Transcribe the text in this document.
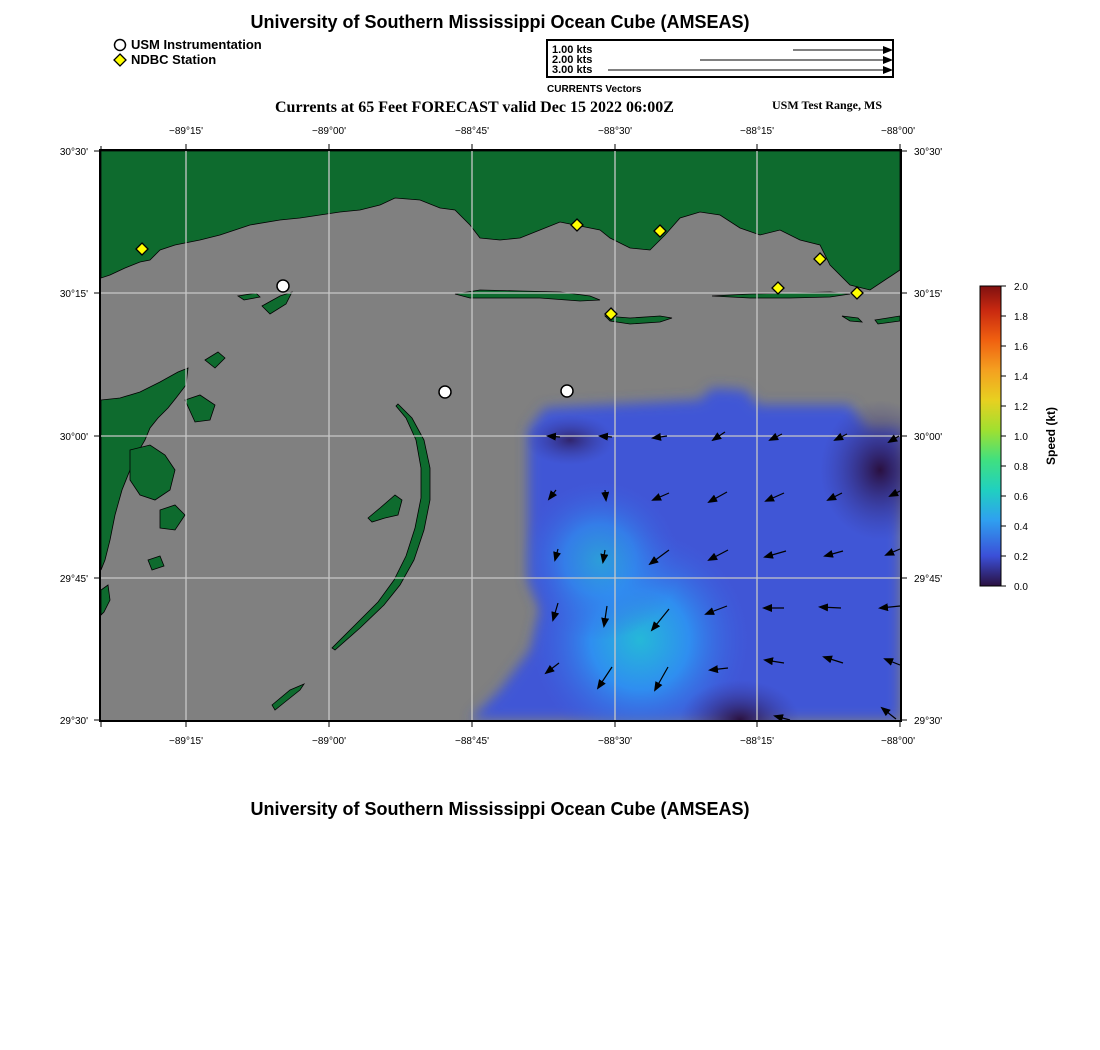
University of Southern Mississippi Ocean Cube (AMSEAS)
USM Instrumentation
NDBC Station
1.00 kts
2.00 kts
3.00 kts
CURRENTS Vectors
Currents at 65 Feet FORECAST valid Dec 15 2022 06:00Z	USM Test Range, MS
−89°15'	−89°00'	−88°45'	−88°30'	−88°15'	−88°00'
−89°15'	−89°00'	−88°45'	−88°30'	−88°15'	−88°00'
30°30'
30°15'
30°00'
29°45'
29°30'
30°30'
30°15'
30°00'
29°45'
29°30'
2.0
1.8
1.6
1.4
1.2
1.0
0.8
0.6
0.4
0.2
0.0
Speed (kt)
University of Southern Mississippi Ocean Cube (AMSEAS)
